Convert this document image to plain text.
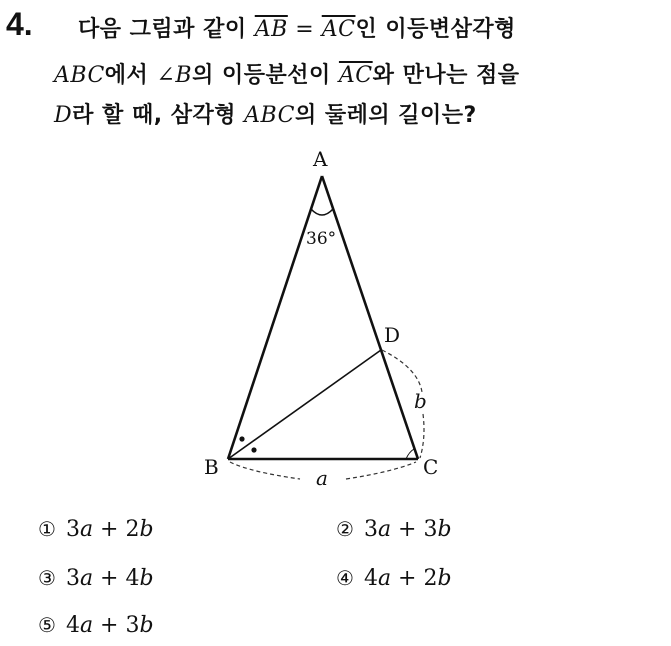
4. 다음 그림과 같이 $\overline{AB} = \overline{AC}$인 이등변삼각형
ABC에서 ∠B의 이등분선이 $\overline{AC}$와 만나는 점을
D라 할 때, 삼각형 ABC의 둘레의 길이는?
A
B	C
D
36°
a
b
① 3a + 2b	② 3a + 3b
③ 3a + 4b	④ 4a + 2b
⑤ 4a + 3b
